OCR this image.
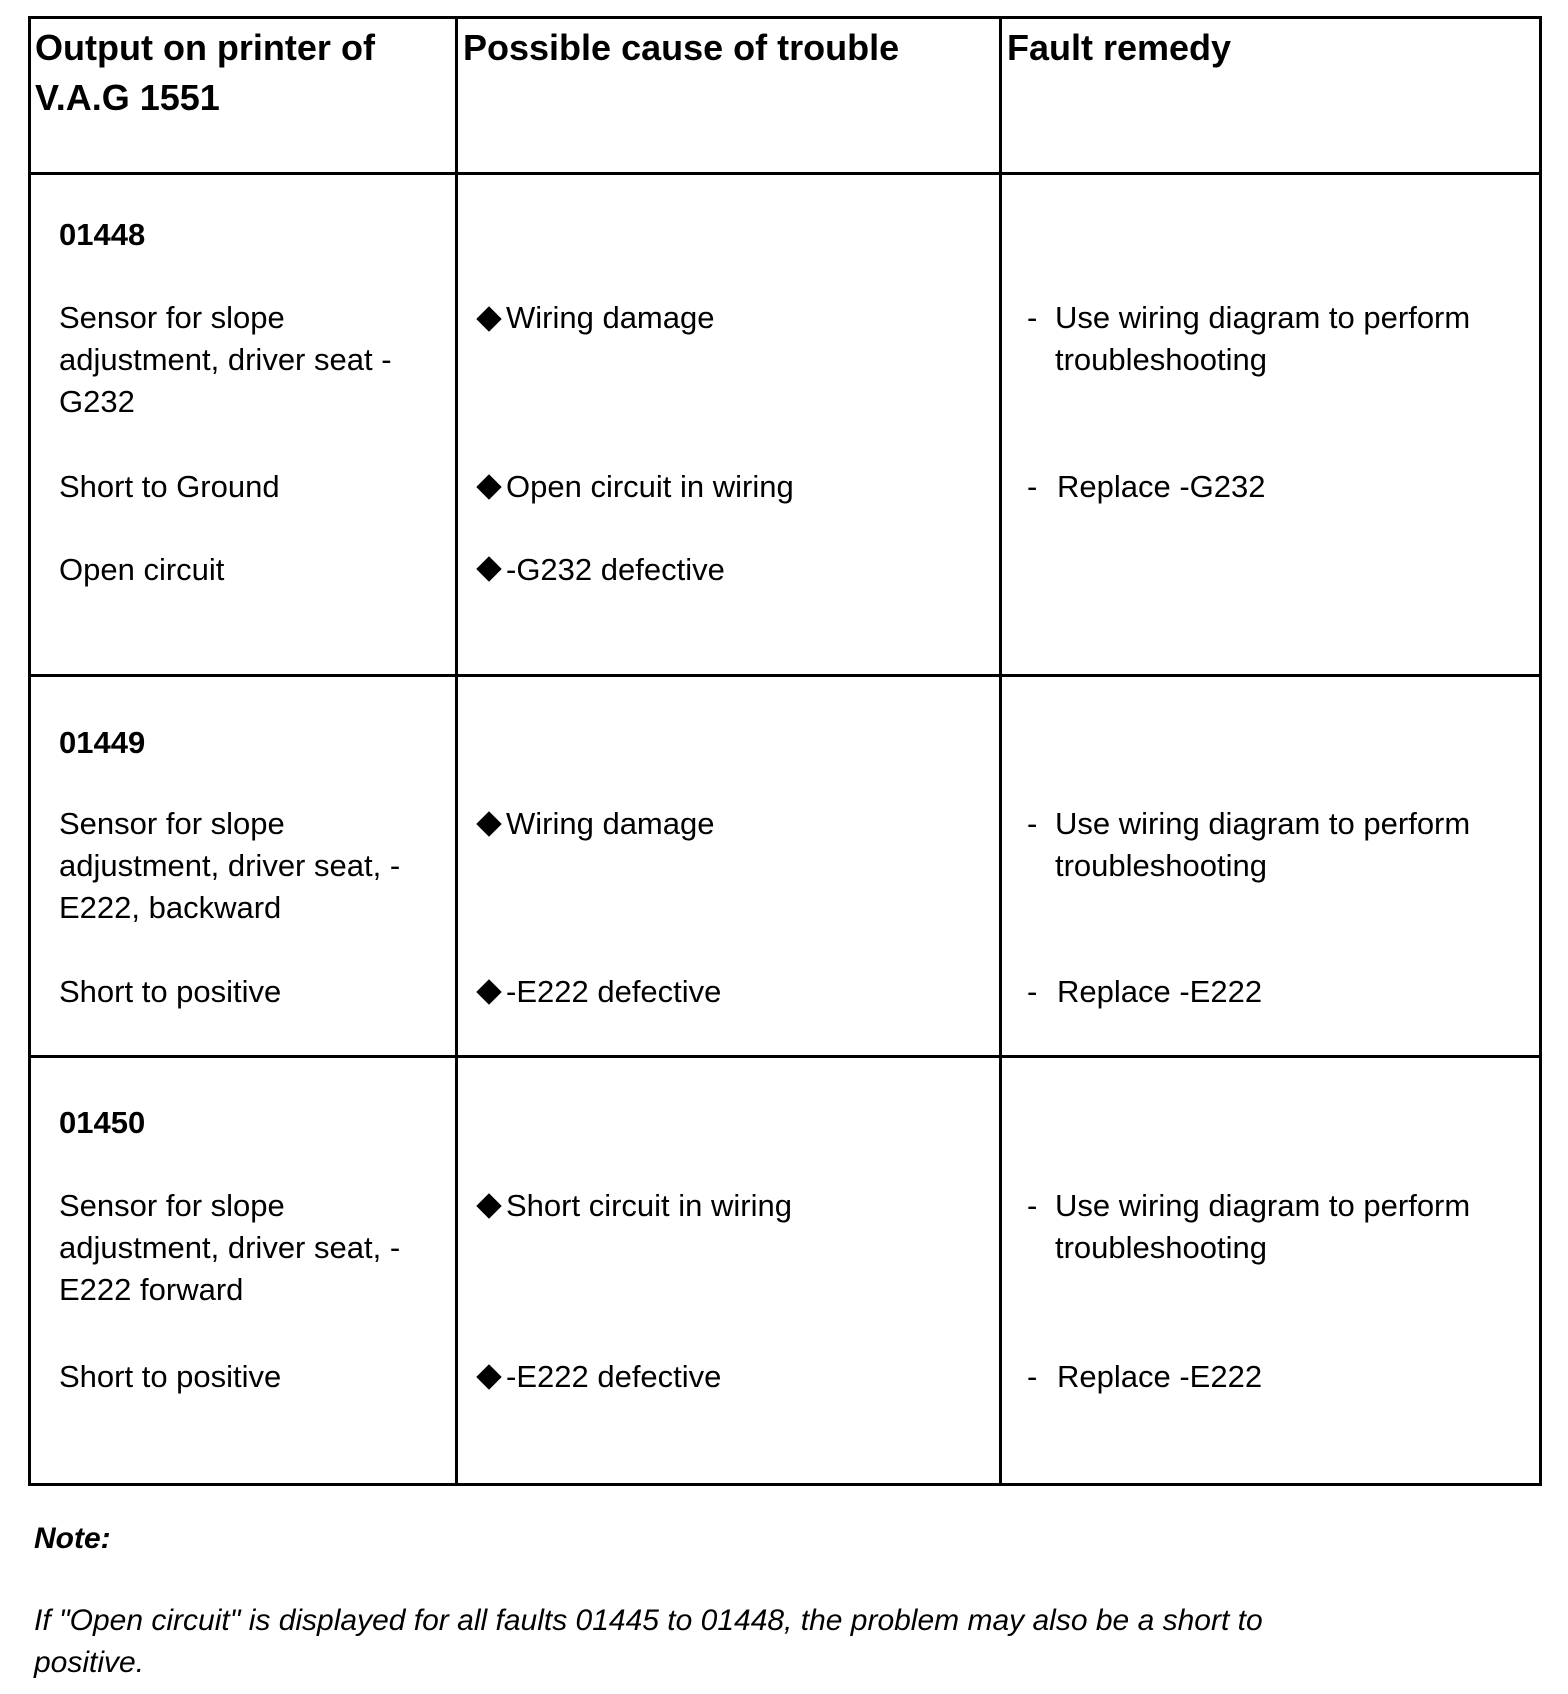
Output on printer of V.A.G 1551
Possible cause of trouble	Fault remedy
01448
Sensor for slope
adjustment, driver seat -
G232
Short to Ground
Open circuit
Wiring damage
Open circuit in wiring
-G232 defective
- Use wiring diagram to perform
troubleshooting
- Replace -G232
01449
Sensor for slope
adjustment, driver seat, -
E222, backward
Short to positive
Wiring damage
-E222 defective
- Use wiring diagram to perform
troubleshooting
- Replace -E222
01450
Sensor for slope
adjustment, driver seat, -
E222 forward
Short to positive
Short circuit in wiring
-E222 defective
- Use wiring diagram to perform
troubleshooting
- Replace -E222
Note:
If "Open circuit" is displayed for all faults 01445 to 01448, the problem may also be a short to
positive.
